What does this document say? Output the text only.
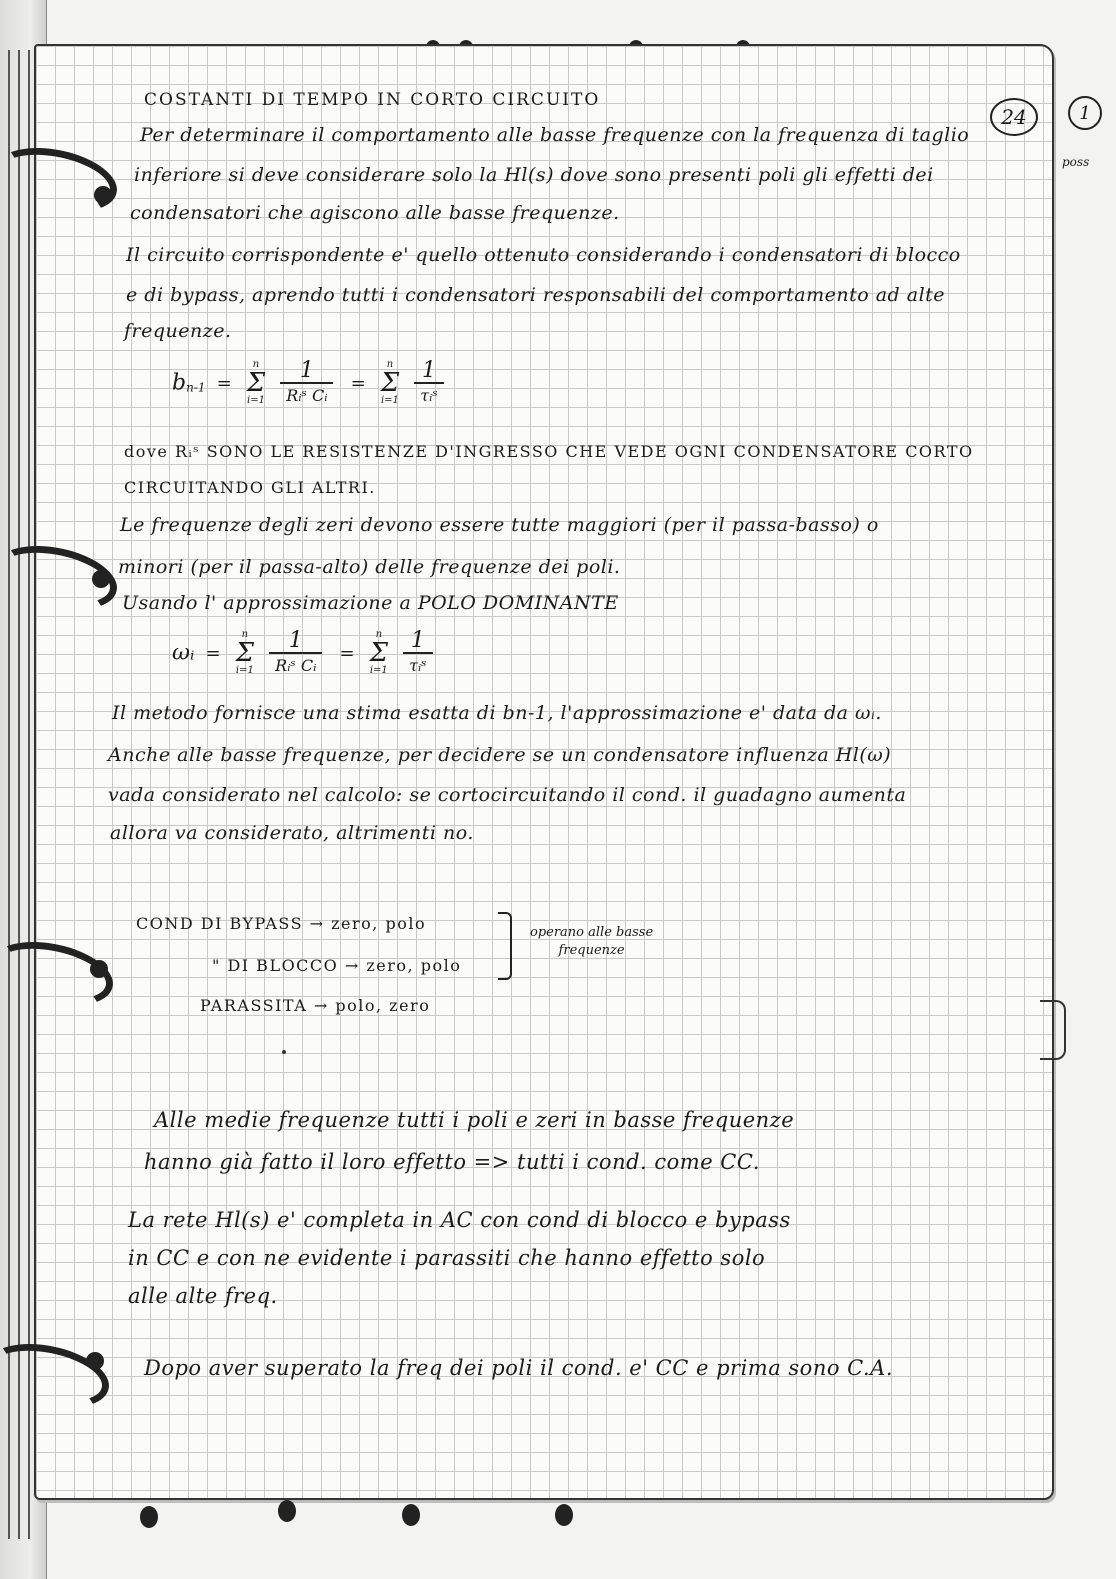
COSTANTI DI TEMPO IN CORTO CIRCUITO
24	1
poss
Per determinare il comportamento alle basse frequenze con la frequenza di taglio
inferiore si deve considerare solo la Hl(s) dove sono presenti poli gli effetti dei
condensatori che agiscono alle basse frequenze.
Il circuito corrispondente e' quello ottenuto considerando i condensatori di blocco
e di bypass, aprendo tutti i condensatori responsabili del comportamento ad alte
frequenze.
$b_{n-1}$ =
n
Σ
i=1
$\frac{1}{\text{Rᵢˢ Cᵢ}}$ =
n
Σ
i=1
$\frac{1}{\text{τᵢˢ}}$
dove Rᵢˢ SONO LE RESISTENZE D'INGRESSO CHE VEDE OGNI CONDENSATORE CORTO
CIRCUITANDO GLI ALTRI.
Le frequenze degli zeri devono essere tutte maggiori (per il passa-basso) o
minori (per il passa-alto) delle frequenze dei poli.
Usando l' approssimazione a POLO DOMINANTE
ωᵢ =
n
Σ
i=1
$\frac{1}{\text{Rᵢˢ Cᵢ}}$ =
n
Σ
i=1
$\frac{1}{\text{τᵢˢ}}$
Il metodo fornisce una stima esatta di bn-1, l'approssimazione e' data da ωᵢ.
Anche alle basse frequenze, per decidere se un condensatore influenza Hl(ω)
vada considerato nel calcolo: se cortocircuitando il cond. il guadagno aumenta
allora va considerato, altrimenti no.
COND DI BYPASS → zero, polo
" DI BLOCCO → zero, polo
PARASSITA → polo, zero
operano alle basse
frequenze
Alle medie frequenze tutti i poli e zeri in basse frequenze
hanno già fatto il loro effetto => tutti i cond. come CC.
La rete Hl(s) e' completa in AC con cond di blocco e bypass
in CC e con ne evidente i parassiti che hanno effetto solo
alle alte freq.
Dopo aver superato la freq dei poli il cond. e' CC e prima sono C.A.
